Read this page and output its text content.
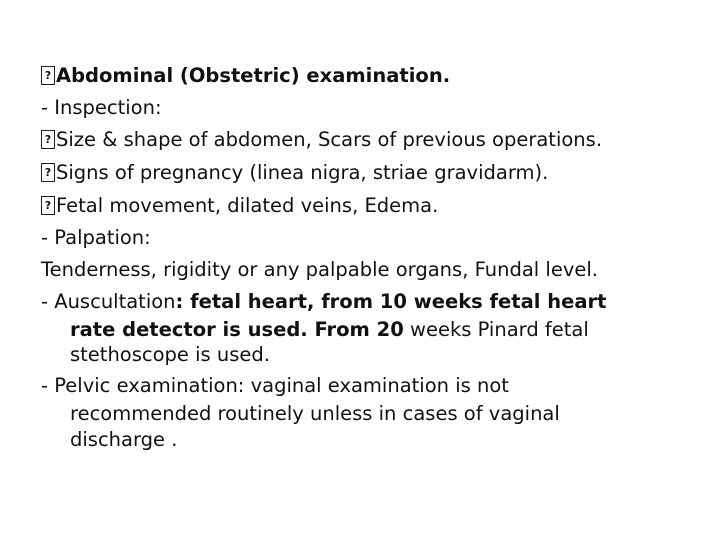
? Abdominal (Obstetric) examination.
- Inspection:
? Size & shape of abdomen, Scars of previous operations.
? Signs of pregnancy (linea nigra, striae gravidarm).
? Fetal movement, dilated veins, Edema.
- Palpation:
Tenderness, rigidity or any palpable organs, Fundal level.
- Auscultation: fetal heart, from 10 weeks fetal heart
rate detector is used. From 20 weeks Pinard fetal
stethoscope is used.
- Pelvic examination: vaginal examination is not
recommended routinely unless in cases of vaginal
discharge .
